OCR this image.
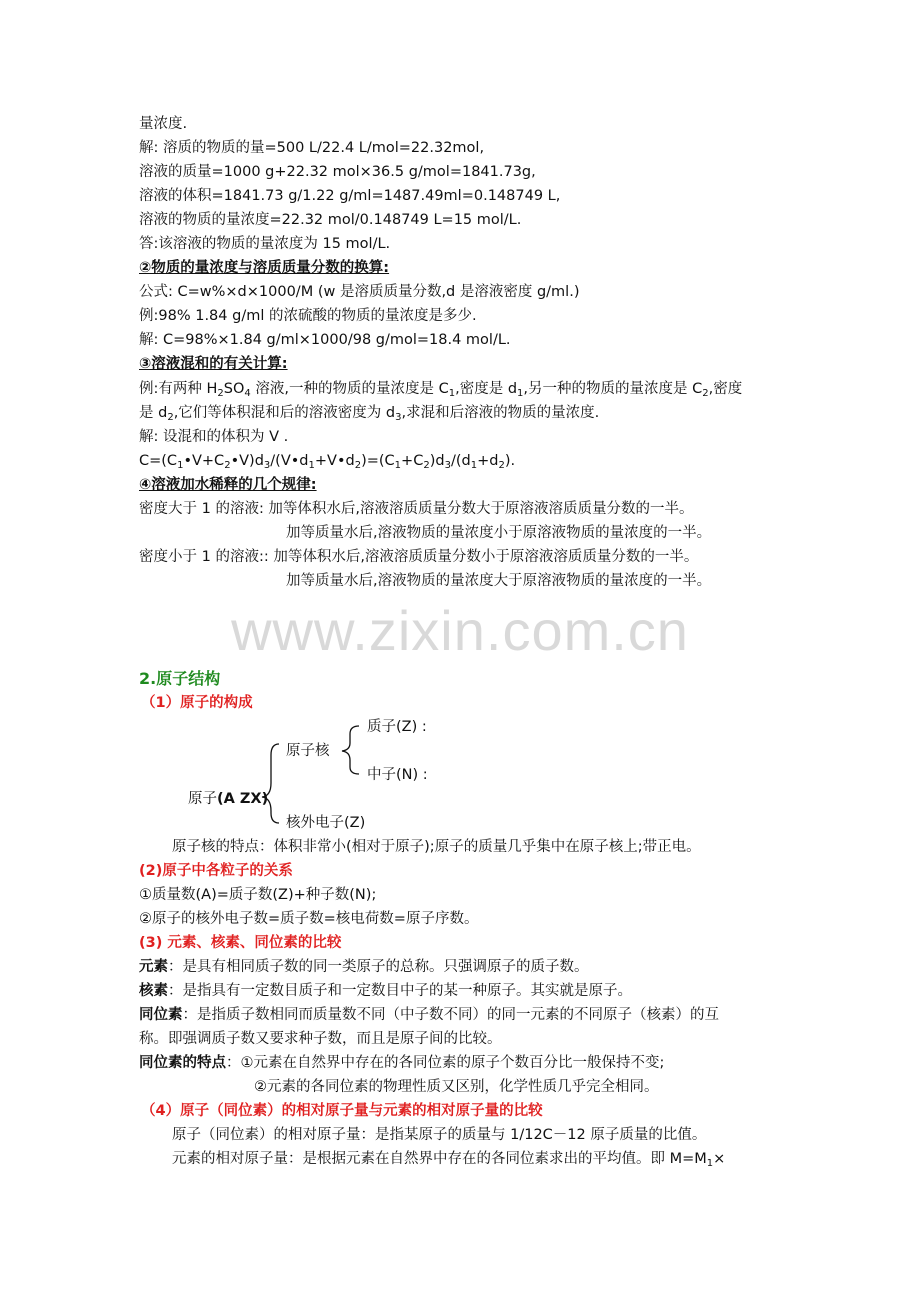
量浓度.
解: 溶质的物质的量=500 L/22.4 L/mol=22.32mol,
溶液的质量=1000 g+22.32 mol×36.5 g/mol=1841.73g,
溶液的体积=1841.73 g/1.22 g/ml=1487.49ml=0.148749 L,
溶液的物质的量浓度=22.32 mol/0.148749 L=15 mol/L.
答:该溶液的物质的量浓度为 15 mol/L.
②物质的量浓度与溶质质量分数的换算:
公式: C=w%×d×1000/M (w 是溶质质量分数,d 是溶液密度 g/ml.)
例:98% 1.84 g/ml 的浓硫酸的物质的量浓度是多少.
解: C=98%×1.84 g/ml×1000/98 g/mol=18.4 mol/L.
③溶液混和的有关计算:
例:有两种 $H_2SO_4$ 溶液,一种的物质的量浓度是 $C_1$,密度是 $d_1$,另一种的物质的量浓度是 $C_2$,密度
是 $d_2$,它们等体积混和后的溶液密度为 $d_3$,求混和后溶液的物质的量浓度.
解: 设混和的体积为 V .
$C=(C_1•V+C_2•V)d_3/(V•d_1+V•d_2)=(C_1+C_2)d_3/(d_1+d_2)$.
④溶液加水稀释的几个规律:
密度大于 1 的溶液: 加等体积水后,溶液溶质质量分数大于原溶液溶质质量分数的一半。
加等质量水后,溶液物质的量浓度小于原溶液物质的量浓度的一半。
密度小于 1 的溶液:: 加等体积水后,溶液溶质质量分数小于原溶液溶质质量分数的一半。
加等质量水后,溶液物质的量浓度大于原溶液物质的量浓度的一半。
www.zixin.com.cn
2.原子结构
（1）原子的构成
质子(Z) :
原子核
中子(N) :
原子(A ZX)
核外电子(Z)
原子核的特点：体积非常小(相对于原子);原子的质量几乎集中在原子核上;带正电。
(2)原子中各粒子的关系
①质量数(A)=质子数(Z)+种子数(N);
②原子的核外电子数=质子数=核电荷数=原子序数。
(3) 元素、核素、同位素的比较
元素：是具有相同质子数的同一类原子的总称。只强调原子的质子数。
核素：是指具有一定数目质子和一定数目中子的某一种原子。其实就是原子。
同位素：是指质子数相同而质量数不同（中子数不同）的同一元素的不同原子（核素）的互
称。即强调质子数又要求种子数，而且是原子间的比较。
同位素的特点：①元素在自然界中存在的各同位素的原子个数百分比一般保持不变;
②元素的各同位素的物理性质又区别，化学性质几乎完全相同。
（4）原子（同位素）的相对原子量与元素的相对原子量的比较
原子（同位素）的相对原子量：是指某原子的质量与 1/12C－12 原子质量的比值。
元素的相对原子量：是根据元素在自然界中存在的各同位素求出的平均值。即 $M=M_1\times$
